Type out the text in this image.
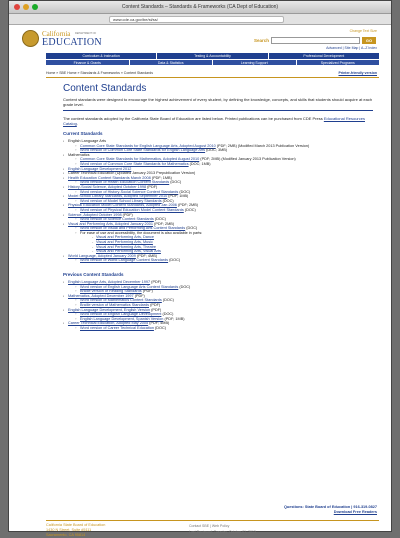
Content Standards – Standards & Frameworks (CA Dept of Education)
www.cde.ca.gov/be/st/ss/
California DEPARTMENT OF
EDUCATION
Change Text Size
Search	GO
Advanced | Site Map | A–Z Index
Curriculum & Instruction	Testing & Accountability	Professional Development
Finance & Grants	Data & Statistics	Learning Support	Specialized Programs
Home » SBE Home » Standards & Frameworks » Content Standards	Printer-friendly version
Content Standards

Content standards were designed to encourage the highest achievement of every student, by defining the knowledge, concepts, and skills that students should acquire at each grade level.

The content standards adopted by the California State Board of Education are listed below. Printed publications can be purchased from CDE Press Educational Resources Catalog.

Current Standards
▪ English Language Arts
◦ Common Core State Standards for English Language Arts, Adopted August 2010 (PDF; 2MB) (Modified March 2013 Publication Version)
◦ Word version of Common Core State Standards for English Language Arts (DOC; 3MB)
▪ Mathematics
◦ Common Core State Standards for Mathematics, Adopted August 2010 (PDF; 2MB) (Modified January 2013 Publication Version)
◦ Word version of Common Core State Standards for Mathematics (DOC; 1MB)
▪ English Language Development 2012
▪ Career Technical Education (Updated January 2013 Prepublication Version)
▪ Health Education Content Standards March 2008 (PDF; 1MB)
◦ Word version of Health Education Content Standards (DOC)
▪ History-Social Science, Adopted October 1998 (PDF)
◦ Word version of History-Social Science Content Standards (DOC)
▪ Model School Library Standards, Adopted September 2010 (PDF; 1MB)
◦ Word version of Model School Library Standards (DOC)
▪ Physical Education Model Content Standards, Adopted Jan 2006 (PDF; 2MB)
◦ Word version of Physical Education Model Content Standards (DOC)
▪ Science, Adopted October 1998 (PDF)
◦ Word version of Science Content Standards (DOC)
▪ Visual and Performing Arts, Adopted January 2001 (PDF; 2MB)
◦ Word version of Visual and Performing Arts Content Standards (DOC)
◦ For ease of use and accessibility, the document is also available in parts:
- Visual and Performing Arts, Dance
- Visual and Performing Arts, Music
- Visual and Performing Arts, Theatre
- Visual and Performing Arts, Visual Arts
▪ World Language, Adopted January 2009 (PDF; 4MB)
◦ Word version of World Language Content Standards (DOC)
Previous Content Standards
▪ English Language Arts, Adopted December 1997 (PDF)
◦ Word version of English Language Arts Content Standards (DOC)
◦ Braille version of Reading Standards (PDF)
▪ Mathematics, Adopted December 1997 (PDF)
◦ Word version of Mathematics Content Standards (DOC)
◦ Braille version of Mathematics Standards (PDF)
▪ English Language Development, English Version (PDF)
◦ Word version of English Language Development (DOC)
◦ English Language Development, Spanish Version (PDF; 1MB)
▪ Career Technical Education, Adopted May 2005 (PDF; 4MB)
◦ Word version of Career Technical Education (DOC)
Questions: State Board of Education | 916-319-0827
Download Free Readers
California State Board of Education
1430 N Street, Suite #5111
Sacramento, CA 95814
Contact SBE | Web Policy
Last Reviewed: Tuesday, October 01, 2013
